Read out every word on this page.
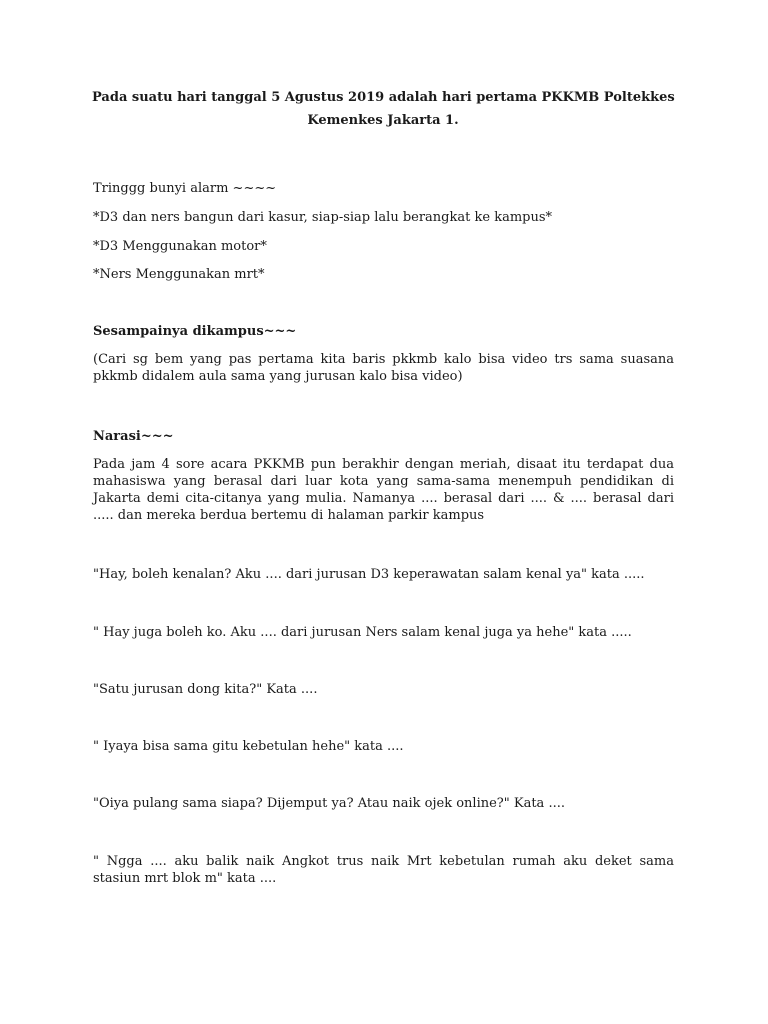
Pada suatu hari tanggal 5 Agustus 2019 adalah hari pertama PKKMB Poltekkes
Kemenkes Jakarta 1.
Tringgg bunyi alarm ~~~~
*D3 dan ners bangun dari kasur, siap-siap lalu berangkat ke kampus*
*D3 Menggunakan motor*
*Ners Menggunakan mrt*
Sesampainya dikampus~~~
(Cari sg bem yang pas pertama kita baris pkkmb kalo bisa video trs sama suasana pkkmb didalem aula sama yang jurusan kalo bisa video)
Narasi~~~
Pada jam 4 sore acara PKKMB pun berakhir dengan meriah, disaat itu terdapat dua mahasiswa yang berasal dari luar kota yang sama-sama menempuh pendidikan di Jakarta demi cita-citanya yang mulia. Namanya .... berasal dari .... & .... berasal dari ..... dan mereka berdua bertemu di halaman parkir kampus
"Hay, boleh kenalan? Aku .... dari jurusan D3 keperawatan salam kenal ya" kata .....
" Hay juga boleh ko. Aku .... dari jurusan Ners salam kenal juga ya hehe" kata .....
"Satu jurusan dong kita?" Kata ....
" Iyaya bisa sama gitu kebetulan hehe" kata ....
"Oiya pulang sama siapa? Dijemput ya? Atau naik ojek online?" Kata ....
" Ngga .... aku balik naik Angkot trus naik Mrt kebetulan rumah aku deket sama stasiun mrt blok m" kata ....
